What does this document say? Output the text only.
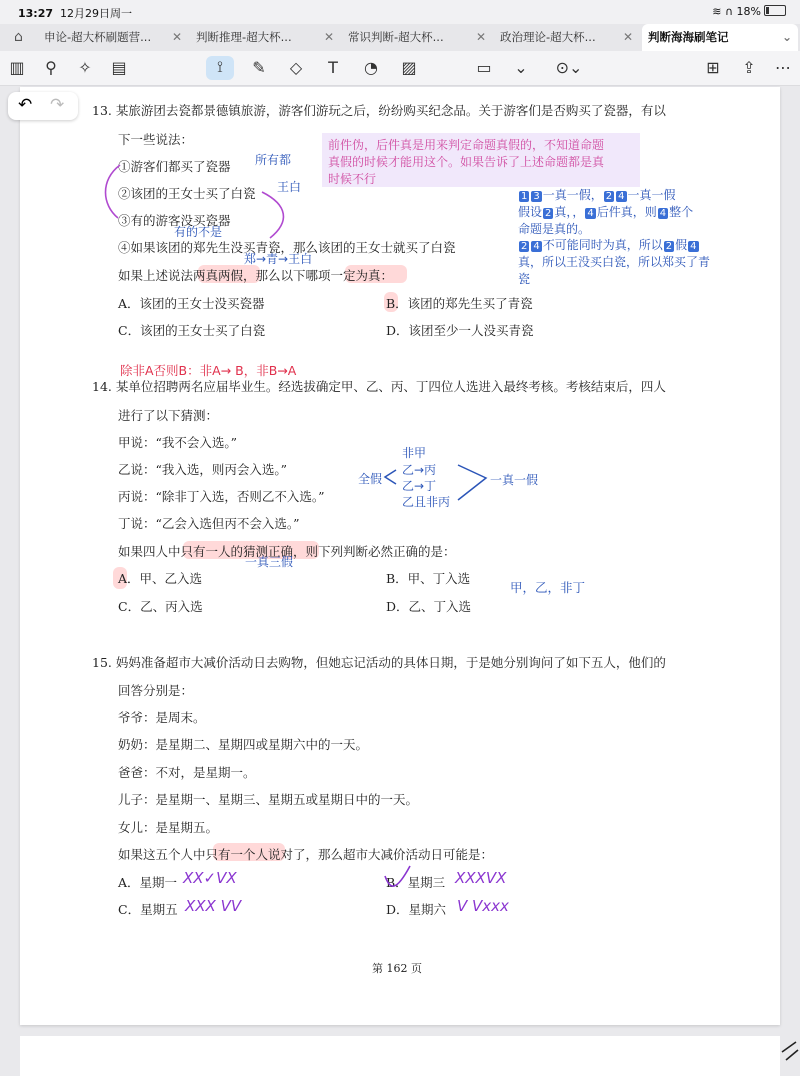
13:27 12月29日周一	≋ ∩ 18%
⌂ 申论-超大杯刷题营... ✕ 判断推理-超大杯...	✕ 常识判断-超大杯...	✕ 政治理论-超大杯... ✕ 判断海海刷笔记	⌄
▥	⚲	✧ ▤	⟟	✎	◇	T	◔ ▨	▭ ⌄ ⊙⌄	⊞ ⇪ ⋯
↶ ↷ 13. 某旅游团去瓷都景德镇旅游，游客们游玩之后，纷纷购买纪念品。关于游客们是否购买了瓷器，有以
下一些说法：
①游客们都买了瓷器
②该团的王女士买了白瓷
③有的游客没买瓷器
④如果该团的郑先生没买青瓷，那么该团的王女士就买了白瓷
如果上述说法两真两假，那么以下哪项一定为真：
A．该团的王女士没买瓷器	B．该团的郑先生买了青瓷
C．该团的王女士买了白瓷	D．该团至少一人没买青瓷
前件伪，后件真是用来判定命题真假的，不知道命题
真假的时候才能用这个。如果告诉了上述命题都是真
时候不行
所有都
王白
有的不是
郑→青→王白
1 3 一真一假， 2 4 一真一假
假设 2 真，， 4 后件真，则 4 整个
命题是真的。
2 4 不可能同时为真，所以 2 假 4
真，所以王没买白瓷，所以郑买了青
瓷
除非A否则B：非A→ B，非B→A
14. 某单位招聘两名应届毕业生。经选拔确定甲、乙、丙、丁四位人选进入最终考核。考核结束后，四人
进行了以下猜测：
甲说：“我不会入选。”
乙说：“我入选，则丙会入选。”
丙说：“除非丁入选，否则乙不入选。”
丁说：“乙会入选但丙不会入选。”
如果四人中只有一人的猜测正确，则下列判断必然正确的是：
A．甲、乙入选	B．甲、丁入选
C．乙、丙入选	D．乙、丁入选
全假
非甲
乙→丙
乙→丁
乙且非丙
一真一假
一真三假
甲，乙，非丁
15. 妈妈准备超市大减价活动日去购物，但她忘记活动的具体日期，于是她分别询问了如下五人，他们的
回答分别是：
爷爷：是周末。
奶奶：是星期二、星期四或星期六中的一天。
爸爸：不对，是星期一。
儿子：是星期一、星期三、星期五或星期日中的一天。
女儿：是星期五。
如果这五个人中只有一个人说对了，那么超市大减价活动日可能是：
A．星期一	B．星期三
C．星期五	D．星期六
XX✓VX	XXXVX
XXX VV	V Vxxx
第 162 页
